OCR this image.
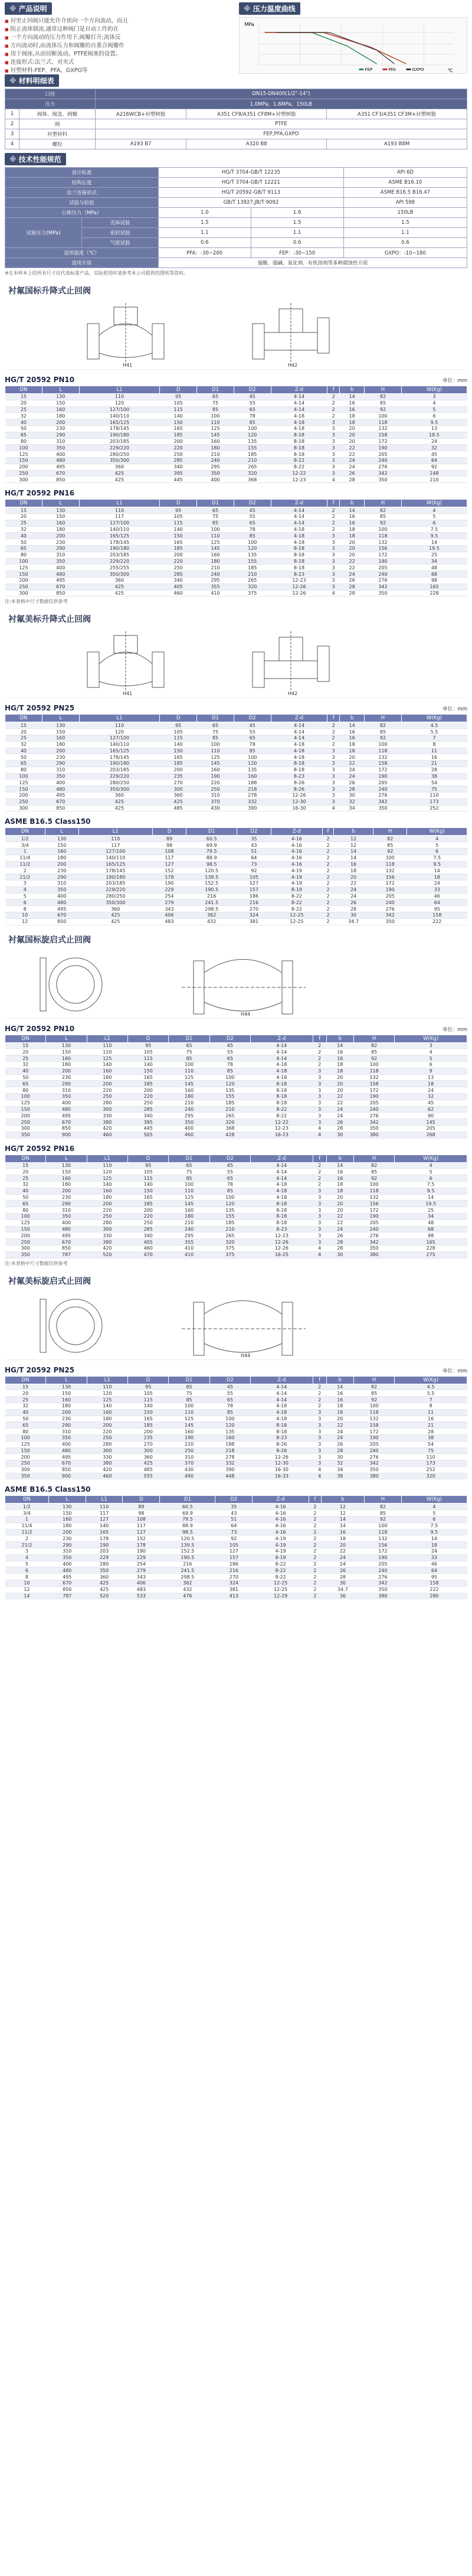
※ 产品说明
■ 衬里止回阀只能允许介质向一个方向流动，而且
■ 阻止流体倒流,通常这种阀门是自动工作的在
■ 一个方向流动的压力作用下,阀瓣打开;流体反
■ 方向流动时,由流体压力和阀瓣的自重合阀瓣作
■ 用于阀座,从而切断流动。PTFE阀塞的设置。
■ 连接形式:法兰式、对夹式
■ 衬塑材料:FEP、PFA、GXPO等
※ 压力温度曲线
MPa
℃
FEP	PFA	GXPO
※ 材料明细表
口径		DN15-DN400(1/2"-14")		
压力		1.0MPa，1.6MPa，150LB		
1	阀体、阀盖、阀瓣	A216WCB+衬塑树脂	A351 CF8/A351 CF8M+衬塑树脂	A351 CF3/A351 CF3M+衬塑树脂
2	阀	PTFE		
3	衬塑材料	FEP,PFA,GXPO		
4	螺栓	A193 B7	A320 B8	A193 B8M
※ 技术性能规范
设计标准		HG/T 3704-GB/T 12235		API 6D
结构长度		HG/T 3704-GB/T 12221		ASME B16.10
法兰连接形式		HG/T 20592-GB/T 9113		ASME B16.5 B16.47
试验与检验		GB/T 13927,JB/T 9092		API 598
公称压力（MPa）		1.0	1.6	150LB
试验压力(MPa)	壳体试验	1.5	1.5	1.5
	密封试验	1.1	1.1	1.1
	气密试验	0.6	0.6	0.6
适用温度（℃）		PFA：-30~200	FEP：-30~150	GXPO：-10~180
适用介质		强酸、强碱、氧化剂、有机溶剂等多种腐蚀性介质		
※在本样本上的所有尺寸仅代表标准产品，实际使用时请参考本公司提供的图纸等资料。
衬氟国标升降式止回阀
H41	H42
HG/T 20592 PN10	单位：mm
DN	L	L1	D	D1	D2	Z-d	f	b	H	W(Kg)
15	130	110	95	65	45	4-14	2	14	82	3
20	150	120	105	75	55	4-14	2	16	85	4
25	160	127/100	115	85	65	4-14	2	16	92	5
32	180	140/110	140	100	78	4-18	2	18	100	6
40	200	165/125	150	110	85	4-18	3	18	118	9.5
50	230	178/145	165	125	100	4-18	3	20	132	13
65	290	190/180	185	145	120	8-18	3	20	158	18.5
80	310	203/185	200	160	135	8-18	3	20	172	24
100	350	229/220	220	180	155	8-18	3	22	190	32
125	400	280/250	250	210	185	8-18	3	22	205	45
150	480	350/300	285	240	210	8-22	3	24	240	64
200	495	360	340	295	265	8-22	3	24	276	92
250	670	425	395	350	320	12-22	3	26	342	148
300	850	425	445	400	368	12-23	4	28	350	210
HG/T 20592 PN16
DN	L	L1	D	D1	D2	Z-d	f	b	H	W(Kg)
15	130	110	95	65	45	4-14	2	14	82	4
20	150	117	105	75	55	4-14	2	16	85	5
25	160	127/100	115	85	65	4-14	2	16	92	6
32	180	140/110	140	100	78	4-18	2	18	100	7.5
40	200	165/125	150	110	85	4-18	3	18	118	9.5
50	230	178/145	165	125	100	4-18	3	20	132	14
65	290	190/180	185	145	120	8-18	3	20	156	19.5
80	310	203/185	200	160	135	8-18	3	20	172	25
100	350	229/220	220	180	155	8-18	3	22	190	34
125	400	255/255	250	210	185	8-18	3	22	205	48
150	480	350/300	285	240	210	8-23	3	24	240	68
200	495	360	340	295	265	12-23	3	26	276	98
250	670	425	405	355	320	12-26	3	28	342	165
300	850	425	460	410	375	12-26	4	28	350	228
注:本表格中尺寸数据仅供参考
衬氟美标升降式止回阀
H41	H42
HG/T 20592 PN25	单位：mm
DN	L	L1	D	D1	D2	Z-d	f	b	H	W(Kg)
15	130	110	95	65	45	4-14	2	14	82	4.5
20	150	120	105	75	55	4-14	2	16	85	5.5
25	160	127/100	115	85	65	4-14	2	16	92	7
32	180	140/110	140	100	78	4-18	2	18	100	8
40	200	165/125	150	110	85	4-18	3	18	118	11
50	230	178/145	165	125	100	4-18	3	20	132	16
65	290	190/180	185	145	120	8-18	3	22	158	21
80	310	203/185	200	160	135	8-18	3	24	172	28
100	350	229/220	235	190	160	8-23	3	24	190	38
125	400	280/250	270	220	188	8-26	3	26	205	54
150	480	350/300	300	250	218	8-26	3	28	240	75
200	495	360	360	310	278	12-26	3	30	276	110
250	670	425	425	370	332	12-30	3	32	342	173
300	850	425	485	430	390	16-30	4	34	350	252
ASME B16.5 Class150
DN	L	L1	D	D1	D2	Z-d	f	b	H	W(Kg)
1/2	130	110	89	60.5	35	4-16	2	12	82	4
3/4	150	117	98	69.9	43	4-16	2	12	85	5
1	160	127/100	108	79.5	51	4-16	2	14	92	6
11/4	180	140/110	117	88.9	64	4-16	2	14	100	7.5
11/2	200	165/125	127	98.5	73	4-16	2	16	118	9.5
2	230	178/145	152	120.5	92	4-19	2	18	132	14
21/2	290	190/180	178	139.5	105	4-19	2	20	156	18
3	310	203/185	190	152.5	127	4-19	2	22	172	24
4	350	229/220	229	190.5	157	8-19	2	24	190	33
5	400	280/250	254	216	186	8-22	2	24	205	46
6	480	350/300	279	241.5	216	8-22	2	26	240	64
8	495	360	343	298.5	270	8-22	2	28	276	95
10	670	425	406	362	324	12-25	2	30	342	158
12	850	425	483	432	381	12-25	2	34.7	350	222
衬氟国标旋启式止回阀
H44
HG/T 20592 PN10	单位：mm
DN	L	L1	D	D1	D2	Z-d	f	b	H	W(Kg)
15	130	110	95	65	45	4-14	2	14	82	3
20	150	120	105	75	55	4-14	2	16	85	4
25	160	125	115	85	65	4-14	2	16	92	5
32	180	140	140	100	78	4-18	2	18	100	6
40	200	160	150	110	85	4-18	3	18	118	9
50	230	180	165	125	100	4-18	3	20	132	13
65	290	200	185	145	120	8-18	3	20	158	18
80	310	220	200	160	135	8-18	3	20	172	24
100	350	250	220	180	155	8-18	3	22	190	32
125	400	280	250	210	185	8-18	3	22	205	45
150	480	300	285	240	210	8-22	3	24	240	62
200	495	330	340	295	265	8-22	3	24	276	90
250	670	380	395	350	320	12-22	3	26	342	145
300	850	420	445	400	368	12-23	4	28	350	205
350	900	460	505	460	428	16-23	4	30	380	268
HG/T 20592 PN16
DN	L	L1	D	D1	D2	Z-d	f	b	H	W(Kg)
15	130	110	95	65	45	4-14	2	14	82	4
20	150	120	105	75	55	4-14	2	16	85	5
25	160	125	115	85	65	4-14	2	16	92	6
32	180	140	140	100	78	4-18	2	18	100	7.5
40	200	160	150	110	85	4-18	3	18	118	9.5
50	230	180	165	125	100	4-18	3	20	132	14
65	290	200	185	145	120	8-18	3	20	156	19.5
80	310	220	200	160	135	8-18	3	20	172	25
100	350	250	220	180	155	8-18	3	22	190	34
125	400	280	250	210	185	8-18	3	22	205	48
150	480	300	285	240	210	8-23	3	24	240	68
200	495	330	340	295	265	12-23	3	26	276	98
250	670	380	405	355	320	12-26	3	28	342	165
300	850	420	460	410	375	12-26	4	28	350	228
350	787	520	470	410	375	16-25	4	30	380	275
注:本表格中尺寸数据仅供参考
衬氟美标旋启式止回阀
H44
HG/T 20592 PN25	单位：mm
DN	L	L1	D	D1	D2	Z-d	f	b	H	W(Kg)
15	130	110	95	65	45	4-14	2	14	82	4.5
20	150	120	105	75	55	4-14	2	16	85	5.5
25	160	125	115	85	65	4-14	2	16	92	7
32	180	140	140	100	78	4-18	2	18	100	8
40	200	160	150	110	85	4-18	3	18	118	11
50	230	180	165	125	100	4-18	3	20	132	16
65	290	200	185	145	120	8-18	3	22	158	21
80	310	220	200	160	135	8-18	3	24	172	28
100	350	250	235	190	160	8-23	3	24	190	38
125	400	280	270	220	188	8-26	3	26	205	54
150	480	300	300	250	218	8-26	3	28	240	75
200	495	330	360	310	278	12-26	3	30	276	110
250	670	380	425	370	332	12-30	3	32	342	173
300	850	420	485	430	390	16-30	4	34	350	252
350	900	460	555	490	448	16-33	4	38	380	320
ASME B16.5 Class150
DN	L	L1	D	D1	D2	Z-d	f	b	H	W(Kg)
1/2	130	110	89	60.5	35	4-16	2	12	82	4
3/4	150	117	98	69.9	43	4-16	2	12	85	5
1	160	127	108	79.5	51	4-16	2	14	92	6
11/4	180	140	117	88.9	64	4-16	2	14	100	7.5
11/2	200	165	127	98.5	73	4-16	2	16	118	9.5
2	230	178	152	120.5	92	4-19	2	18	132	14
21/2	290	190	178	139.5	105	4-19	2	20	156	18
3	310	203	190	152.5	127	4-19	2	22	172	24
4	350	229	229	190.5	157	8-19	2	24	190	33
5	400	280	254	216	186	8-22	2	24	205	46
6	480	350	279	241.5	216	8-22	2	26	240	64
8	495	360	343	298.5	270	8-22	2	28	276	95
10	670	425	406	362	324	12-25	2	30	342	158
12	850	425	483	432	381	12-25	2	34.7	350	222
14	787	520	533	476	413	12-29	2	36	380	280
